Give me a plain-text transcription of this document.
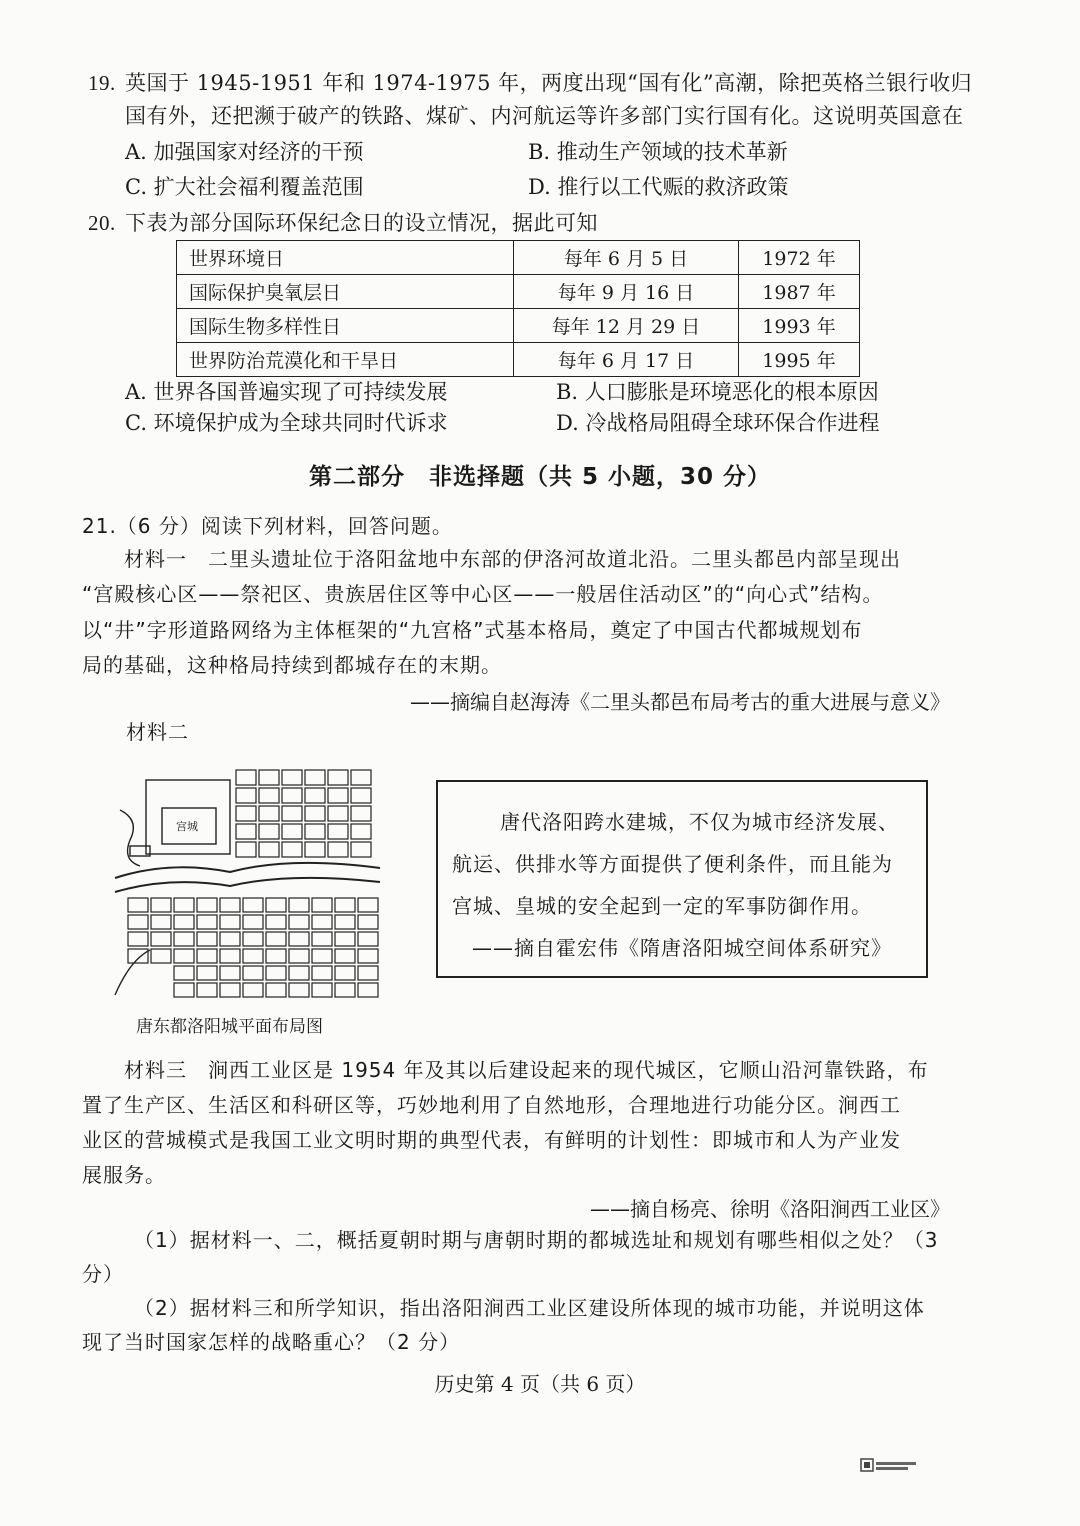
19. 英国于 1945-1951 年和 1974-1975 年，两度出现“国有化”高潮，除把英格兰银行收归
国有外，还把濒于破产的铁路、煤矿、内河航运等许多部门实行国有化。这说明英国意在
A. 加强国家对经济的干预	B. 推动生产领域的技术革新
C. 扩大社会福利覆盖范围	D. 推行以工代赈的救济政策
20. 下表为部分国际环保纪念日的设立情况，据此可知
世界环境日	每年 6 月 5 日	1972 年
国际保护臭氧层日	每年 9 月 16 日	1987 年
国际生物多样性日	每年 12 月 29 日	1993 年
世界防治荒漠化和干旱日	每年 6 月 17 日	1995 年
A. 世界各国普遍实现了可持续发展	B. 人口膨胀是环境恶化的根本原因
C. 环境保护成为全球共同时代诉求	D. 冷战格局阻碍全球环保合作进程
第二部分　非选择题（共 5 小题，30 分）
21.（6 分）阅读下列材料，回答问题。
　　材料一　二里头遗址位于洛阳盆地中东部的伊洛河故道北沿。二里头都邑内部呈现出
“宫殿核心区——祭祀区、贵族居住区等中心区——一般居住活动区”的“向心式”结构。
以“井”字形道路网络为主体框架的“九宫格”式基本格局，奠定了中国古代都城规划布
局的基础，这种格局持续到都城存在的末期。
——摘编自赵海涛《二里头都邑布局考古的重大进展与意义》
材料二
宫城
唐东都洛阳城平面布局图
唐代洛阳跨水建城，不仅为城市经济发展、
航运、供排水等方面提供了便利条件，而且能为
宫城、皇城的安全起到一定的军事防御作用。
——摘自霍宏伟《隋唐洛阳城空间体系研究》
　　材料三　涧西工业区是 1954 年及其以后建设起来的现代城区，它顺山沿河靠铁路，布
置了生产区、生活区和科研区等，巧妙地利用了自然地形，合理地进行功能分区。涧西工
业区的营城模式是我国工业文明时期的典型代表，有鲜明的计划性：即城市和人为产业发
展服务。
——摘自杨亮、徐明《洛阳涧西工业区》
（1）据材料一、二，概括夏朝时期与唐朝时期的都城选址和规划有哪些相似之处？（3
分）
（2）据材料三和所学知识，指出洛阳涧西工业区建设所体现的城市功能，并说明这体
现了当时国家怎样的战略重心？（2 分）
历史第 4 页（共 6 页）
